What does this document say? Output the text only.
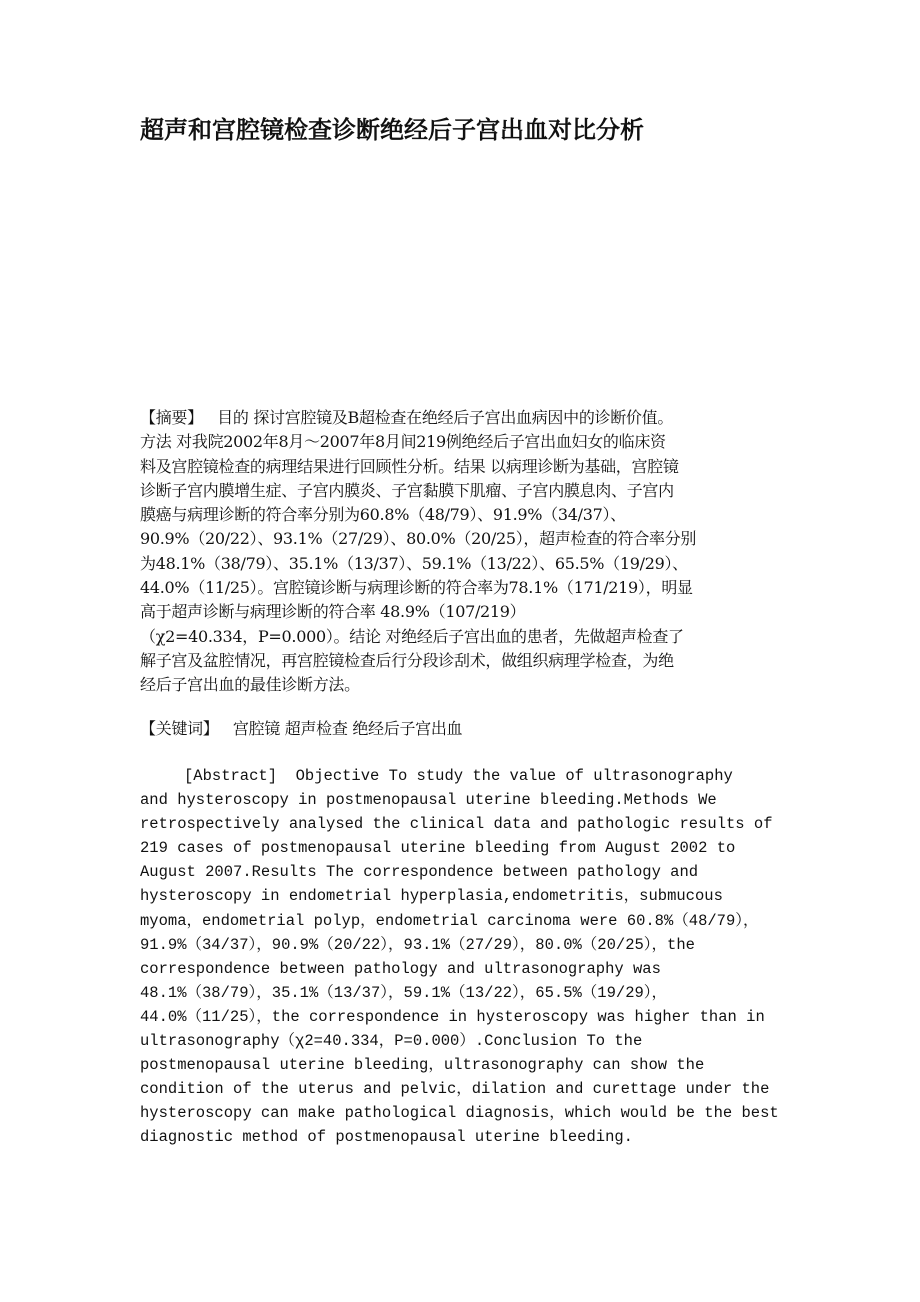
超声和宫腔镜检查诊断绝经后子宫出血对比分析
【摘要】 目的 探讨宫腔镜及B超检查在绝经后子宫出血病因中的诊断价值。
方法 对我院2002年8月～2007年8月间219例绝经后子宫出血妇女的临床资
料及宫腔镜检查的病理结果进行回顾性分析。结果 以病理诊断为基础，宫腔镜
诊断子宫内膜增生症、子宫内膜炎、子宫黏膜下肌瘤、子宫内膜息肉、子宫内
膜癌与病理诊断的符合率分别为60.8%（48/79）、91.9%（34/37）、
90.9%（20/22）、93.1%（27/29）、80.0%（20/25），超声检查的符合率分别
为48.1%（38/79）、35.1%（13/37）、59.1%（13/22）、65.5%（19/29）、
44.0%（11/25）。宫腔镜诊断与病理诊断的符合率为78.1%（171/219），明显
高于超声诊断与病理诊断的符合率 48.9%（107/219）
（χ2=40.334，P=0.000）。结论 对绝经后子宫出血的患者，先做超声检查了
解子宫及盆腔情况，再宫腔镜检查后行分段诊刮术，做组织病理学检查，为绝
经后子宫出血的最佳诊断方法。
【关键词】 宫腔镜 超声检查 绝经后子宫出血
[Abstract] Objective To study the value of ultrasonography
and hysteroscopy in postmenopausal uterine bleeding.Methods We
retrospectively analysed the clinical data and pathologic results of
219 cases of postmenopausal uterine bleeding from August 2002 to
August 2007.Results The correspondence between pathology and
hysteroscopy in endometrial hyperplasia,endometritis，submucous
myoma，endometrial polyp，endometrial carcinoma were 60.8%（48/79），
91.9%（34/37），90.9%（20/22），93.1%（27/29），80.0%（20/25），the
correspondence between pathology and ultrasonography was
48.1%（38/79），35.1%（13/37），59.1%（13/22），65.5%（19/29），
44.0%（11/25），the correspondence in hysteroscopy was higher than in
ultrasonography（χ2=40.334，P=0.000）.Conclusion To the
postmenopausal uterine bleeding，ultrasonography can show the
condition of the uterus and pelvic，dilation and curettage under the
hysteroscopy can make pathological diagnosis，which would be the best
diagnostic method of postmenopausal uterine bleeding.
